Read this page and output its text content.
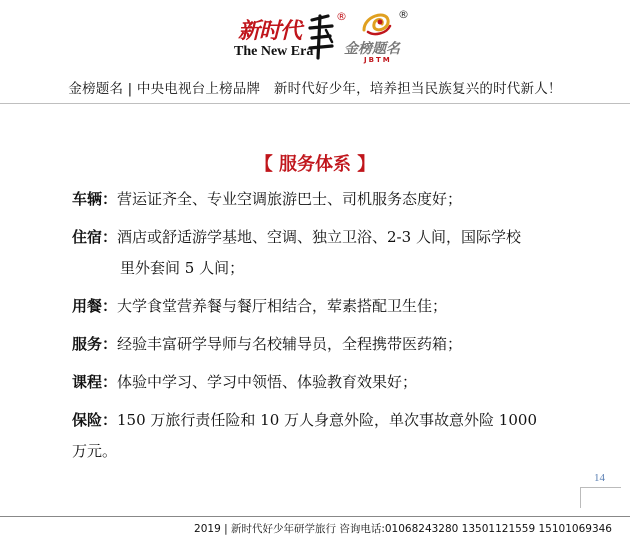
新时代
®
The New Era
®
金榜题名
JBTM
金榜题名 | 中央电视台上榜品牌　新时代好少年，培养担当民族复兴的时代新人！
【 服务体系 】

车辆：营运证齐全、专业空调旅游巴士、司机服务态度好；

住宿：酒店或舒适游学基地、空调、独立卫浴、2-3 人间，国际学校
里外套间 5 人间；

用餐：大学食堂营养餐与餐厅相结合，荤素搭配卫生佳；

服务：经验丰富研学导师与名校辅导员，全程携带医药箱；

课程：体验中学习、学习中领悟、体验教育效果好；

保险：150 万旅行责任险和 10 万人身意外险，单次事故意外险 1000
万元。

14
2019 | 新时代好少年研学旅行 咨询电话:01068243280 13501121559 15101069346
